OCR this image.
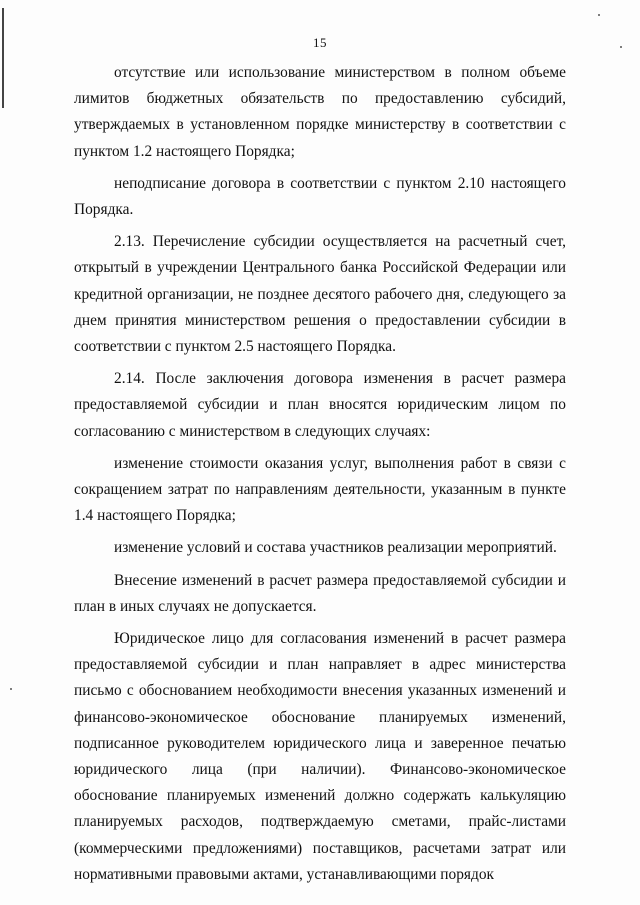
15

отсутствие или использование министерством в полном объеме лимитов бюджетных обязательств по предоставлению субсидий, утверждаемых в установленном порядке министерству в соответствии с пунктом 1.2 настоящего Порядка;

неподписание договора в соответствии с пунктом 2.10 настоящего Порядка.

2.13. Перечисление субсидии осуществляется на расчетный счет, открытый в учреждении Центрального банка Российской Федерации или кредитной организации, не позднее десятого рабочего дня, следующего за днем принятия министерством решения о предоставлении субсидии в соответствии с пунктом 2.5 настоящего Порядка.

2.14. После заключения договора изменения в расчет размера предоставляемой субсидии и план вносятся юридическим лицом по согласованию с министерством в следующих случаях:

изменение стоимости оказания услуг, выполнения работ в связи с сокращением затрат по направлениям деятельности, указанным в пункте 1.4 настоящего Порядка;

изменение условий и состава участников реализации мероприятий.

Внесение изменений в расчет размера предоставляемой субсидии и план в иных случаях не допускается.

Юридическое лицо для согласования изменений в расчет размера предоставляемой субсидии и план направляет в адрес министерства письмо с обоснованием необходимости внесения указанных изменений и финансово-экономическое обоснование планируемых изменений, подписанное руководителем юридического лица и заверенное печатью юридического лица (при наличии). Финансово-экономическое обоснование планируемых изменений должно содержать калькуляцию планируемых расходов, подтверждаемую сметами, прайс-листами (коммерческими предложениями) поставщиков, расчетами затрат или нормативными правовыми актами, устанавливающими порядок
